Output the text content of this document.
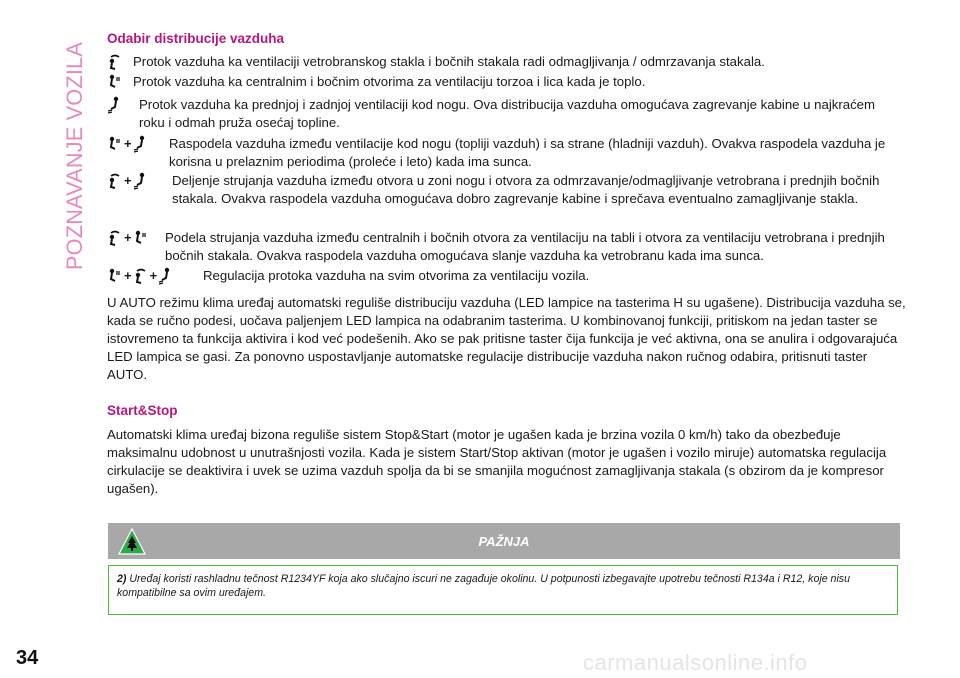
POZNAVANJE VOZILA
34
Odabir distribucije vazduha
Protok vazduha ka ventilaciji vetrobranskog stakla i bočnih stakala radi odmagljivanja / odmrzavanja stakala.
Protok vazduha ka centralnim i bočnim otvorima za ventilaciju torzoa i lica kada je toplo.
Protok vazduha ka prednjoj i zadnjoj ventilaciji kod nogu. Ova distribucija vazduha omogućava zagrevanje kabine u najkraćem roku i odmah pruža osećaj topline.
+	Raspodela vazduha između ventilacije kod nogu (topliji vazduh) i sa strane (hladniji vazduh). Ovakva raspodela vazduha je korisna u prelaznim periodima (proleće i leto) kada ima sunca.
+	Deljenje strujanja vazduha između otvora u zoni nogu i otvora za odmrzavanje/odmagljivanje vetrobrana i prednjih bočnih stakala. Ovakva raspodela vazduha omogućava dobro zagrevanje kabine i sprečava eventualno zamagljivanje stakla.
+	Podela strujanja vazduha između centralnih i bočnih otvora za ventilaciju na tabli i otvora za ventilaciju vetrobrana i prednjih bočnih stakala. Ovakva raspodela vazduha omogućava slanje vazduha ka vetrobranu kada ima sunca.
+ +	Regulacija protoka vazduha na svim otvorima za ventilaciju vozila.

U AUTO režimu klima uređaj automatski reguliše distribuciju vazduha (LED lampice na tasterima H su ugašene). Distribucija vazduha se, kada se ručno podesi, uočava paljenjem LED lampica na odabranim tasterima. U kombinovanoj funkciji, pritiskom na jedan taster se istovremeno ta funkcija aktivira i kod već podešenih. Ako se pak pritisne taster čija funkcija je već aktivna, ona se anulira i odgovarajuća LED lampica se gasi. Za ponovno uspostavljanje automatske regulacije distribucije vazduha nakon ručnog odabira, pritisnuti taster AUTO.

Start&Stop

Automatski klima uređaj bizona reguliše sistem Stop&Start (motor je ugašen kada je brzina vozila 0 km/h) tako da obezbeđuje maksimalnu udobnost u unutrašnjosti vozila. Kada je sistem Start/Stop aktivan (motor je ugašen i vozilo miruje) automatska regulacija cirkulacije se deaktivira i uvek se uzima vazduh spolja da bi se smanjila mogućnost zamagljivanja stakala (s obzirom da je kompresor ugašen).

PAŽNJA

2) Uređaj koristi rashladnu tečnost R1234YF koja ako slučajno iscuri ne zagađuje okolinu. U potpunosti izbegavajte upotrebu tečnosti R134a i R12, koje nisu kompatibilne sa ovim uređajem.

carmanualsonline.info
